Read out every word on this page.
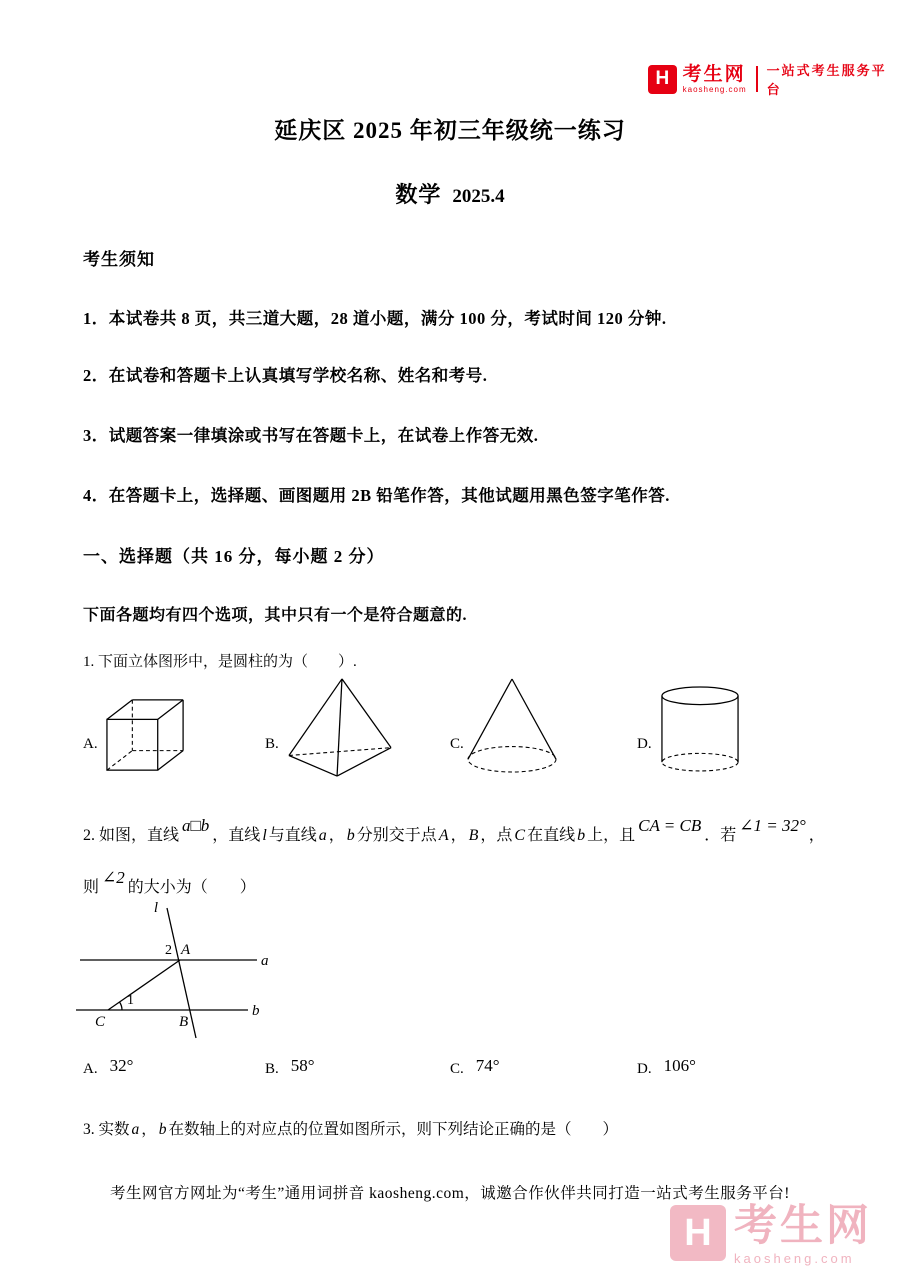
H 考生网
kaosheng.com
一站式考生服务平台
延庆区 2025 年初三年级统一练习
数学 2025.4
考生须知
1．本试卷共 8 页，共三道大题，28 道小题，满分 100 分，考试时间 120 分钟.
2．在试卷和答题卡上认真填写学校名称、姓名和考号.
3．试题答案一律填涂或书写在答题卡上，在试卷上作答无效.
4．在答题卡上，选择题、画图题用 2B 铅笔作答，其他试题用黑色签字笔作答.
一、选择题（共 16 分，每小题 2 分）
下面各题均有四个选项，其中只有一个是符合题意的.
1. 下面立体图形中，是圆柱的为（　　）.
A.	B.	C.	D.
2. 如图，直线a□b，直线 l 与直线 a ， b 分别交于点 A ， B ，点 C 在直线 b 上，且CA = CB．若∠1 = 32°，
则∠2的大小为（　　）
l
a
b
2 A
1
C	B
A. 32°	B. 58°	C. 74°	D. 106°
3. 实数 a ， b 在数轴上的对应点的位置如图所示，则下列结论正确的是（　　）
考生网官方网址为“考生”通用词拼音 kaosheng.com，诚邀合作伙伴共同打造一站式考生服务平台!
H 考生网
kaosheng.com
